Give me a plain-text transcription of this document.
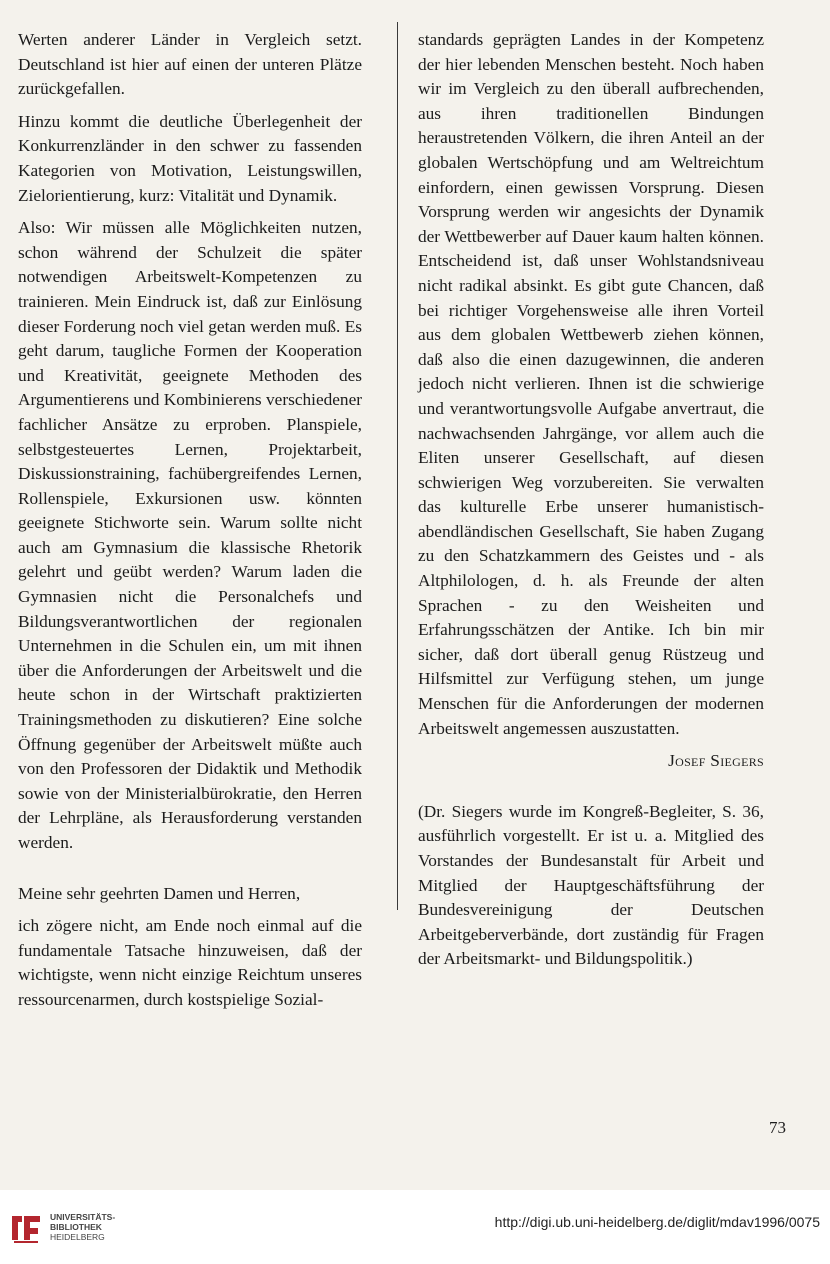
Werten anderer Länder in Vergleich setzt. Deutschland ist hier auf einen der unteren Plätze zurückgefallen.

Hinzu kommt die deutliche Überlegenheit der Konkurrenzländer in den schwer zu fassenden Kategorien von Motivation, Leistungswillen, Zielorientierung, kurz: Vitalität und Dynamik.

Also: Wir müssen alle Möglichkeiten nutzen, schon während der Schulzeit die später notwendigen Arbeitswelt-Kompetenzen zu trainieren. Mein Eindruck ist, daß zur Einlösung dieser Forderung noch viel getan werden muß. Es geht darum, taugliche Formen der Kooperation und Kreativität, geeignete Methoden des Argumentierens und Kombinierens verschiedener fachlicher Ansätze zu erproben. Planspiele, selbstgesteuertes Lernen, Projektarbeit, Diskussionstraining, fachübergreifendes Lernen, Rollenspiele, Exkursionen usw. könnten geeignete Stichworte sein. Warum sollte nicht auch am Gymnasium die klassische Rhetorik gelehrt und geübt werden? Warum laden die Gymnasien nicht die Personalchefs und Bildungsverantwortlichen der regionalen Unternehmen in die Schulen ein, um mit ihnen über die Anforderungen der Arbeitswelt und die heute schon in der Wirtschaft praktizierten Trainingsmethoden zu diskutieren? Eine solche Öffnung gegenüber der Arbeitswelt müßte auch von den Professoren der Didaktik und Methodik sowie von der Ministerialbürokratie, den Herren der Lehrpläne, als Herausforderung verstanden werden.

Meine sehr geehrten Damen und Herren,

ich zögere nicht, am Ende noch einmal auf die fundamentale Tatsache hinzuweisen, daß der wichtigste, wenn nicht einzige Reichtum unseres ressourcenarmen, durch kostspielige Sozial-

standards geprägten Landes in der Kompetenz der hier lebenden Menschen besteht. Noch haben wir im Vergleich zu den überall aufbrechenden, aus ihren traditionellen Bindungen heraustretenden Völkern, die ihren Anteil an der globalen Wertschöpfung und am Weltreichtum einfordern, einen gewissen Vorsprung. Diesen Vorsprung werden wir angesichts der Dynamik der Wettbewerber auf Dauer kaum halten können. Entscheidend ist, daß unser Wohlstandsniveau nicht radikal absinkt. Es gibt gute Chancen, daß bei richtiger Vorgehensweise alle ihren Vorteil aus dem globalen Wettbewerb ziehen können, daß also die einen dazugewinnen, die anderen jedoch nicht verlieren. Ihnen ist die schwierige und verantwortungsvolle Aufgabe anvertraut, die nachwachsenden Jahrgänge, vor allem auch die Eliten unserer Gesellschaft, auf diesen schwierigen Weg vorzubereiten. Sie verwalten das kulturelle Erbe unserer humanistisch-abendländischen Gesellschaft, Sie haben Zugang zu den Schatzkammern des Geistes und - als Altphilologen, d. h. als Freunde der alten Sprachen - zu den Weisheiten und Erfahrungsschätzen der Antike. Ich bin mir sicher, daß dort überall genug Rüstzeug und Hilfsmittel zur Verfügung stehen, um junge Menschen für die Anforderungen der modernen Arbeitswelt angemessen auszustatten.

Josef Siegers

(Dr. Siegers wurde im Kongreß-Begleiter, S. 36, ausführlich vorgestellt. Er ist u. a. Mitglied des Vorstandes der Bundesanstalt für Arbeit und Mitglied der Hauptgeschäftsführung der Bundesvereinigung der Deutschen Arbeitgeberverbände, dort zuständig für Fragen der Arbeitsmarkt- und Bildungspolitik.)

73
UNIVERSITÄTS-
BIBLIOTHEK
HEIDELBERG
http://digi.ub.uni-heidelberg.de/diglit/mdav1996/0075
